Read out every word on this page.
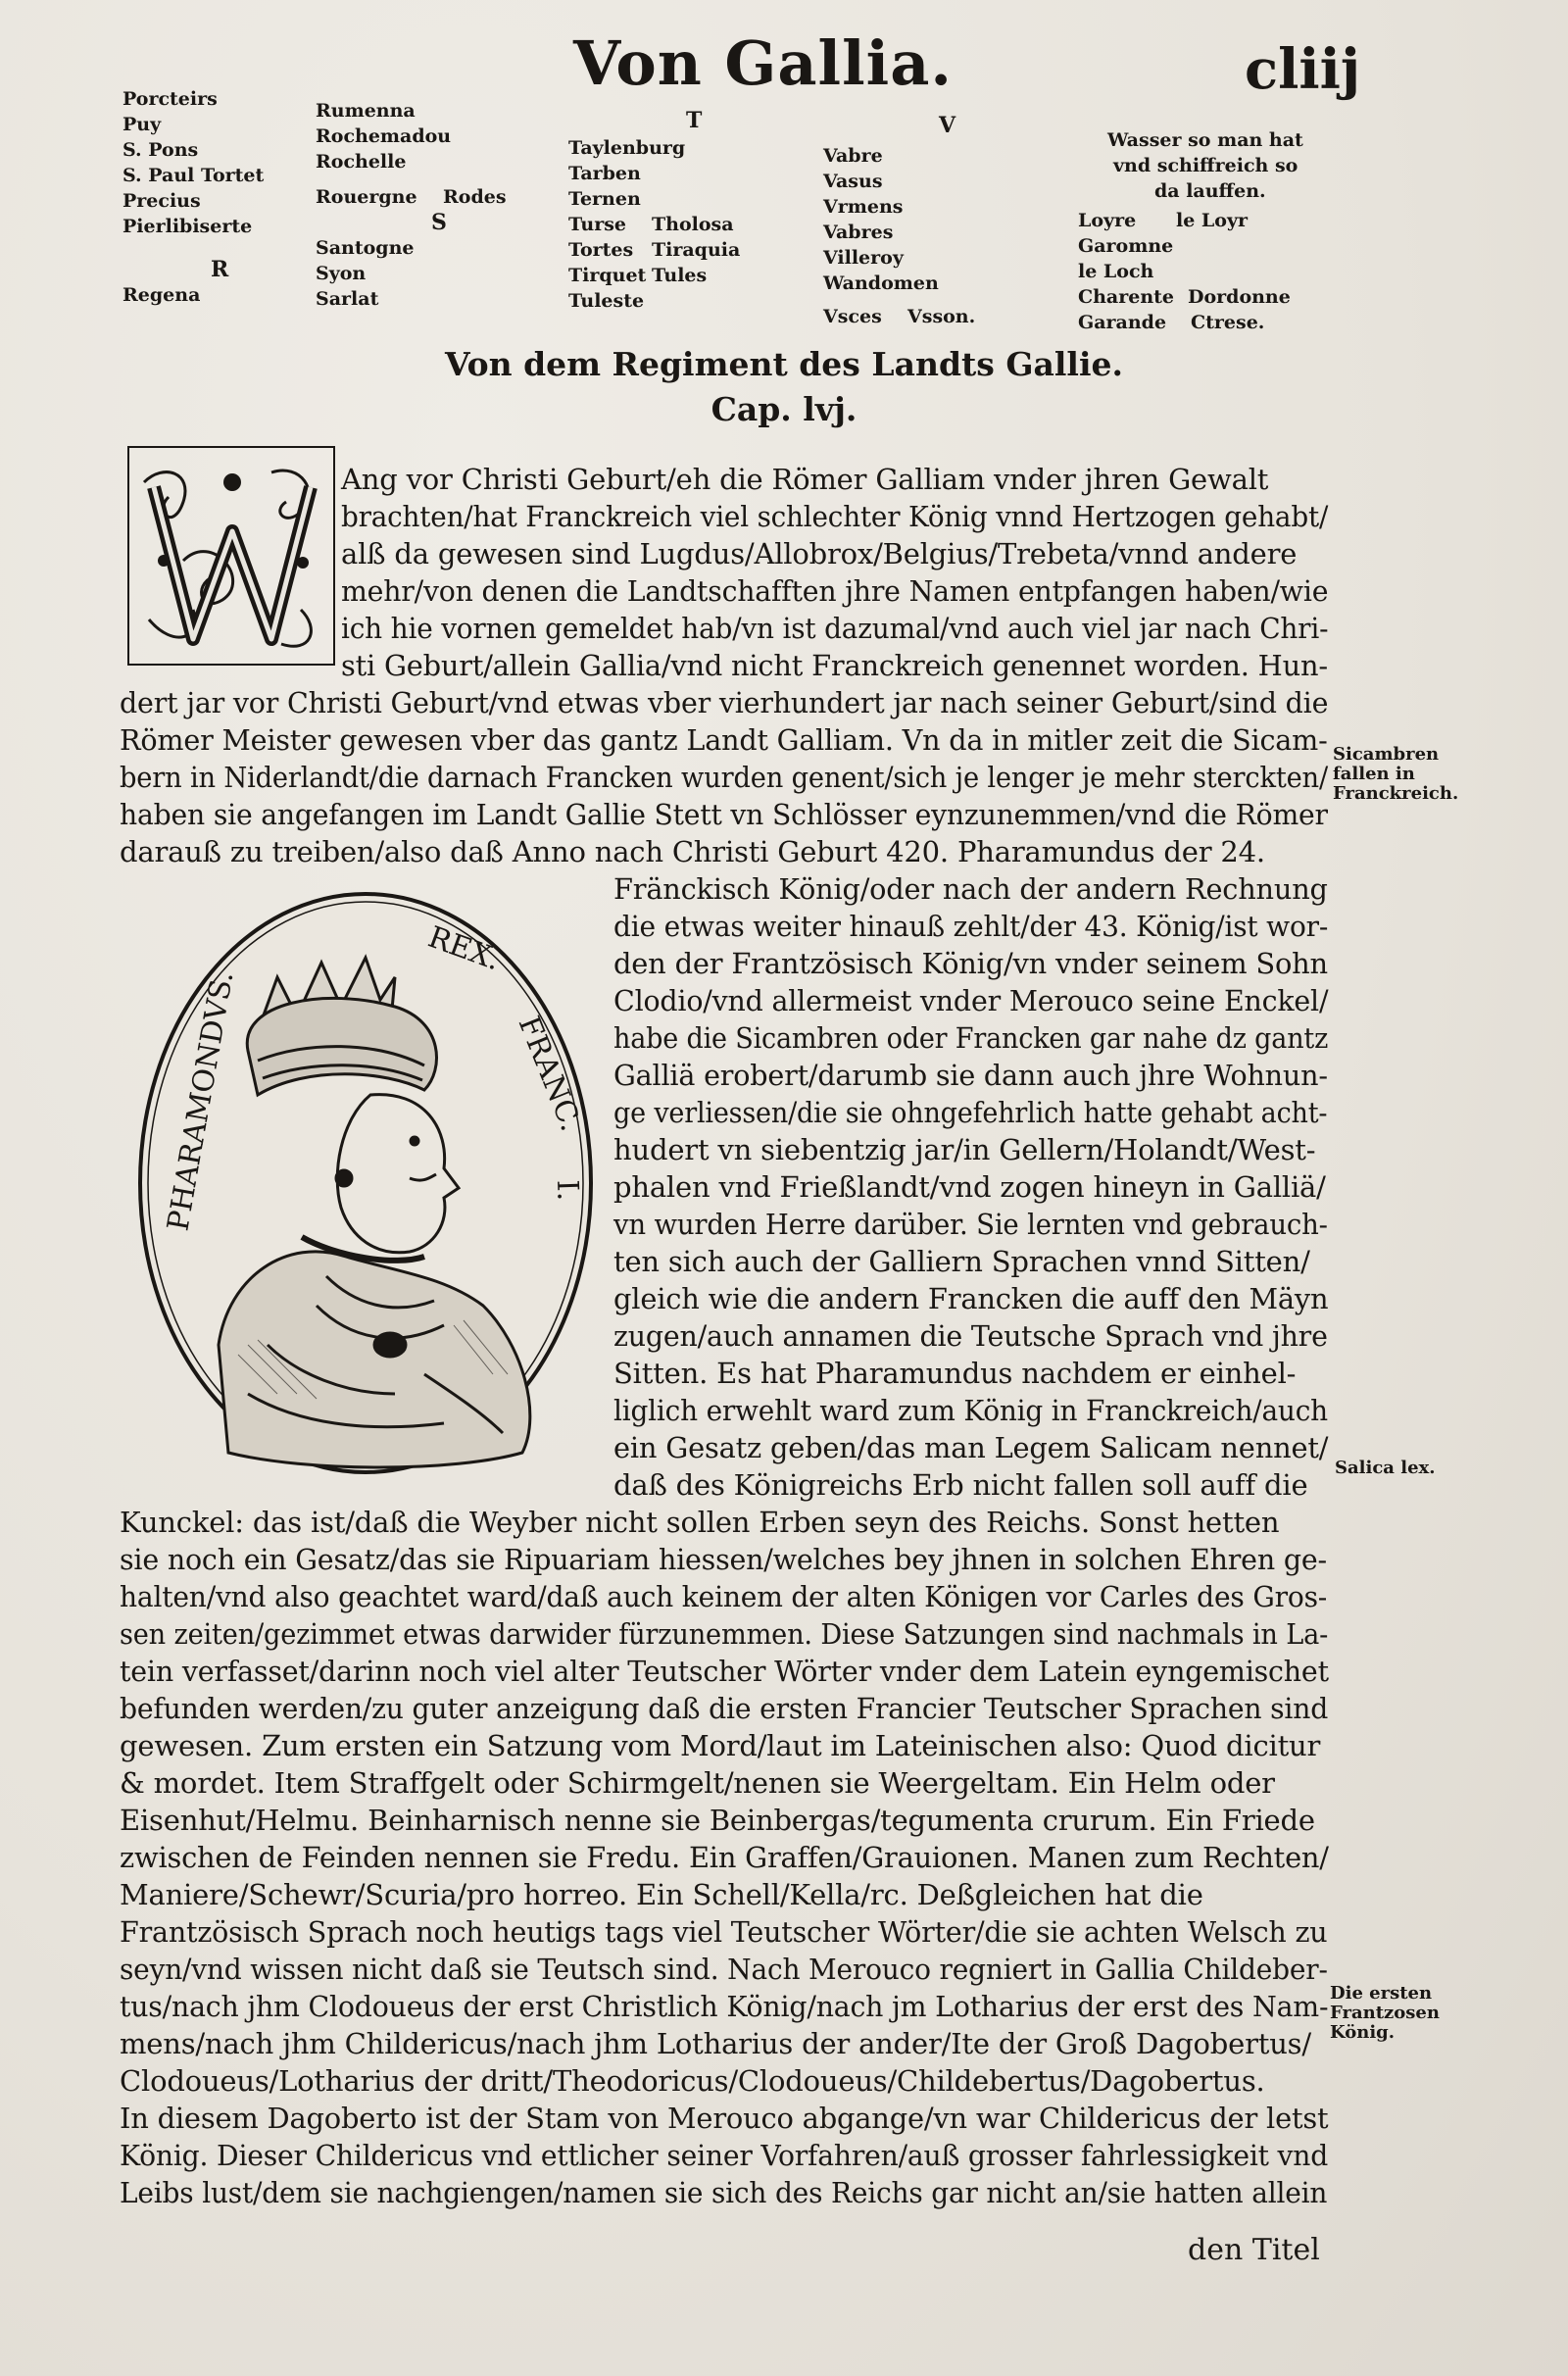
Von Gallia.	cliij
Porcteirs
Puy
S. Pons
S. Paul Tortet
Precius
Pierlibiserte
R
Regena
Rumenna
Rochemadou
Rochelle
Rouergne Rodes
S
Santogne
Syon
Sarlat
T
Taylenburg
Tarben
Ternen
Turse
Tortes
Tirquet
Tuleste
Tholosa
Tiraquia
Tules
V
Vabre
Vasus
Vrmens
Vabres
Villeroy
Wandomen
Vsces Vsson.
Wasser so man hat
vnd schiffreich so
da lauffen.
Loyre
Garomne
le Loch
Charente
Garande
le Loyr
Dordonne
Ctrese.
Von dem Regiment des Landts Gallie.
Cap. lvj.
Ang vor Christi Geburt/eh die Römer Galliam vnder jhren Gewalt
brachten/hat Franckreich viel schlechter König vnnd Hertzogen gehabt/
alß da gewesen sind Lugdus/Allobrox/Belgius/Trebeta/vnnd andere
mehr/von denen die Landtschafften jhre Namen entpfangen haben/wie
ich hie vornen gemeldet hab/vn ist dazumal/vnd auch viel jar nach Chri-
sti Geburt/allein Gallia/vnd nicht Franckreich genennet worden. Hun-
dert jar vor Christi Geburt/vnd etwas vber vierhundert jar nach seiner Geburt/sind die
Römer Meister gewesen vber das gantz Landt Galliam. Vn da in mitler zeit die Sicam-
bern in Niderlandt/die darnach Francken wurden genent/sich je lenger je mehr sterckten/
haben sie angefangen im Landt Gallie Stett vn Schlösser eynzunemmen/vnd die Römer
darauß zu treiben/also daß Anno nach Christi Geburt 420. Pharamundus der 24.
PHARAMONDVS.
REX.
FRANC.
I.
Fränckisch König/oder nach der andern Rechnung
die etwas weiter hinauß zehlt/der 43. König/ist wor-
den der Frantzösisch König/vn vnder seinem Sohn
Clodio/vnd allermeist vnder Merouco seine Enckel/
habe die Sicambren oder Francken gar nahe dz gantz
Galliä erobert/darumb sie dann auch jhre Wohnun-
ge verliessen/die sie ohngefehrlich hatte gehabt acht-
hudert vn siebentzig jar/in Gellern/Holandt/West-
phalen vnd Frießlandt/vnd zogen hineyn in Galliä/
vn wurden Herre darüber. Sie lernten vnd gebrauch-
ten sich auch der Galliern Sprachen vnnd Sitten/
gleich wie die andern Francken die auff den Mäyn
zugen/auch annamen die Teutsche Sprach vnd jhre
Sitten. Es hat Pharamundus nachdem er einhel-
liglich erwehlt ward zum König in Franckreich/auch
ein Gesatz geben/das man Legem Salicam nennet/
daß des Königreichs Erb nicht fallen soll auff die
Kunckel: das ist/daß die Weyber nicht sollen Erben seyn des Reichs. Sonst hetten
sie noch ein Gesatz/das sie Ripuariam hiessen/welches bey jhnen in solchen Ehren ge-
halten/vnd also geachtet ward/daß auch keinem der alten Königen vor Carles des Gros-
sen zeiten/gezimmet etwas darwider fürzunemmen. Diese Satzungen sind nachmals in La-
tein verfasset/darinn noch viel alter Teutscher Wörter vnder dem Latein eyngemischet
befunden werden/zu guter anzeigung daß die ersten Francier Teutscher Sprachen sind
gewesen. Zum ersten ein Satzung vom Mord/laut im Lateinischen also: Quod dicitur
& mordet. Item Straffgelt oder Schirmgelt/nenen sie Weergeltam. Ein Helm oder
Eisenhut/Helmu. Beinharnisch nenne sie Beinbergas/tegumenta crurum. Ein Friede
zwischen de Feinden nennen sie Fredu. Ein Graffen/Grauionen. Manen zum Rechten/
Maniere/Schewr/Scuria/pro horreo. Ein Schell/Kella/rc. Deßgleichen hat die
Frantzösisch Sprach noch heutigs tags viel Teutscher Wörter/die sie achten Welsch zu
seyn/vnd wissen nicht daß sie Teutsch sind. Nach Merouco regniert in Gallia Childeber-
tus/nach jhm Clodoueus der erst Christlich König/nach jm Lotharius der erst des Nam-
mens/nach jhm Childericus/nach jhm Lotharius der ander/Ite der Groß Dagobertus/
Clodoueus/Lotharius der dritt/Theodoricus/Clodoueus/Childebertus/Dagobertus.
In diesem Dagoberto ist der Stam von Merouco abgange/vn war Childericus der letst
König. Dieser Childericus vnd ettlicher seiner Vorfahren/auß grosser fahrlessigkeit vnd
Leibs lust/dem sie nachgiengen/namen sie sich des Reichs gar nicht an/sie hatten allein
den Titel
Sicambren
fallen in
Franckreich.
Salica lex.
Die ersten
Frantzosen
König.
